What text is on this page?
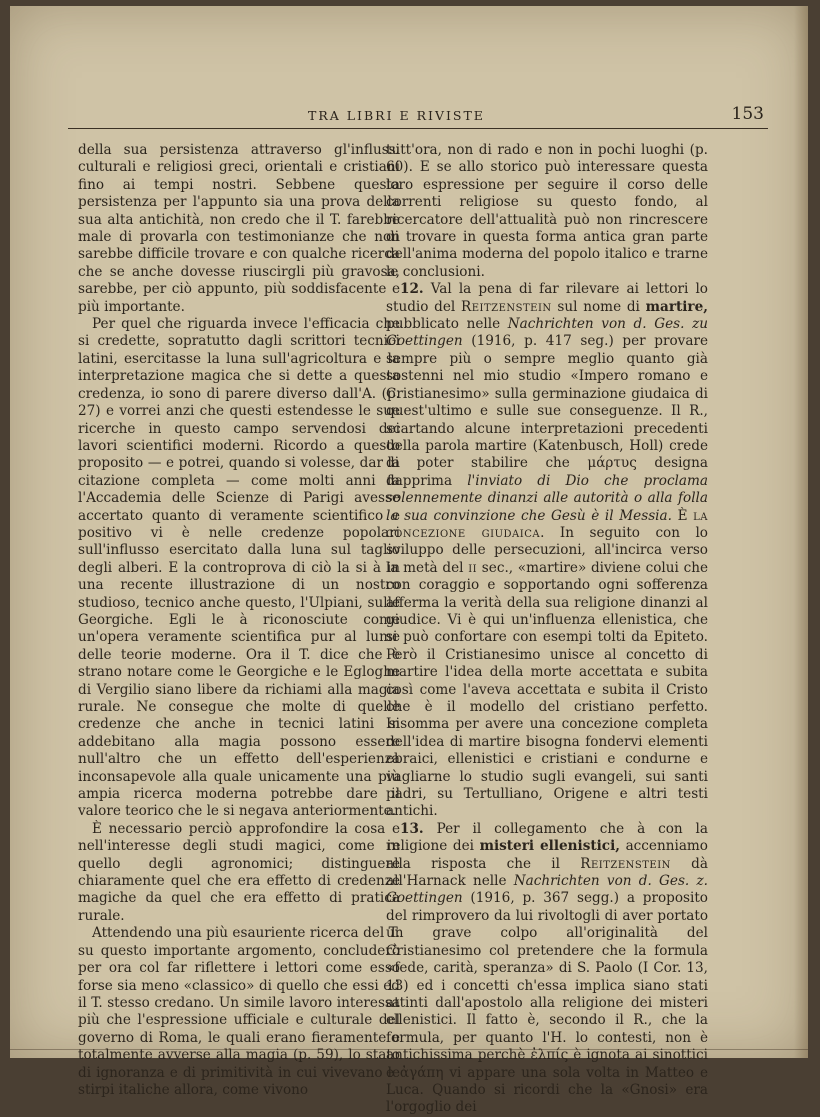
TRA LIBRI E RIVISTE	153

della sua persistenza attraverso gl'influssi culturali e religiosi greci, orientali e cristiani fino ai tempi nostri. Sebbene questa persistenza per l'appunto sia una prova della sua alta antichità, non credo che il T. farebbe male di provarla con testimonianze che non sarebbe difficile trovare e con qualche ricerca che se anche dovesse riuscirgli più gravosa, sarebbe, per ciò appunto, più soddisfacente e più importante.

Per quel che riguarda invece l'efficacia che si credette, sopratutto dagli scrittori tecnici latini, esercitasse la luna sull'agricoltura e la interpretazione magica che si dette a questa credenza, io sono di parere diverso dall'A. (p. 27) e vorrei anzi che questi estendesse le sue ricerche in questo campo servendosi dei lavori scientifici moderni. Ricordo a questo proposito — e potrei, quando si volesse, dar la citazione completa — come molti anni fa l'Accademia delle Scienze di Parigi avesse accertato quanto di veramente scientifico e positivo vi è nelle credenze popolari sull'influsso esercitato dalla luna sul taglio degli alberi. E la controprova di ciò la si à in una recente illustrazione di un nostro studioso, tecnico anche questo, l'Ulpiani, sulle Georgiche. Egli le à riconosciute come un'opera veramente scientifica pur al lume delle teorie moderne. Ora il T. dice che è strano notare come le Georgiche e le Egloghe di Vergilio siano libere da richiami alla magia rurale. Ne consegue che molte di quelle credenze che anche in tecnici latini si addebitano alla magia possono essere null'altro che un effetto dell'esperienza inconsapevole alla quale unicamente una più ampia ricerca moderna potrebbe dare il valore teorico che le si negava anteriormente.

È necessario perciò approfondire la cosa e nell'interesse degli studi magici, come in quello degli agronomici; distinguere chiaramente quel che era effetto di credenze magiche da quel che era effetto di pratica rurale.

Attendendo una più esauriente ricerca del T. su questo importante argomento, concluderò per ora col far riflettere i lettori come esso forse sia meno «classico» di quello che essi ed il T. stesso credano. Un simile lavoro interessa più che l'espressione ufficiale e culturale del governo di Roma, le quali erano fieramente e totalmente avverse alla magia (p. 59), lo stato di ignoranza e di primitività in cui vivevano le stirpi italiche allora, come vivono

tutt'ora, non di rado e non in pochi luoghi (p. 60). E se allo storico può interessare questa loro espressione per seguire il corso delle correnti religiose su questo fondo, al ricercatore dell'attualità può non rincrescere di trovare in questa forma antica gran parte dell'anima moderna del popolo italico e trarne le conclusioni.

12. Val la pena di far rilevare ai lettori lo studio del Reitzenstein sul nome di martire, pubblicato nelle Nachrichten von d. Ges. zu Goettingen (1916, p. 417 seg.) per provare sempre più o sempre meglio quanto già sostenni nel mio studio «Impero romano e Cristianesimo» sulla germinazione giudaica di quest'ultimo e sulle sue conseguenze. Il R., scartando alcune interpretazioni precedenti della parola martire (Katenbusch, Holl) crede di poter stabilire che μάρτυς designa dapprima l'inviato di Dio che proclama solennemente dinanzi alle autorità o alla folla la sua convinzione che Gesù è il Messia. È la concezione giudaica. In seguito con lo sviluppo delle persecuzioni, all'incirca verso la metà del ii sec., «martire» diviene colui che con coraggio e sopportando ogni sofferenza afferma la verità della sua religione dinanzi al giudice. Vi è qui un'influenza ellenistica, che si può confortare con esempi tolti da Epiteto. Però il Cristianesimo unisce al concetto di martire l'idea della morte accettata e subita così come l'aveva accettata e subita il Cristo che è il modello del cristiano perfetto. Insomma per avere una concezione completa dell'idea di martire bisogna fondervi elementi ebraici, ellenistici e cristiani e condurne e vagliarne lo studio sugli evangeli, sui santi padri, su Tertulliano, Origene e altri testi antichi.

13. Per il collegamento che à con la religione dei misteri ellenistici, accenniamo alla risposta che il Reitzenstein dà all'Harnack nelle Nachrichten von d. Ges. z. Goettingen (1916, p. 367 segg.) a proposito del rimprovero da lui rivoltogli di aver portato un grave colpo all'originalità del Cristianesimo col pretendere che la formula «fede, carità, speranza» di S. Paolo (I Cor. 13, 13) ed i concetti ch'essa implica siano stati attinti dall'apostolo alla religione dei misteri ellenistici. Il fatto è, secondo il R., che la formula, per quanto l'H. lo contesti, non è antichissima perchè ἐλπίς è ignota ai sinottici e ἀγάπη vi appare una sola volta in Matteo e Luca. Quando si ricordi che la «Gnosi» era l'orgoglio dei
